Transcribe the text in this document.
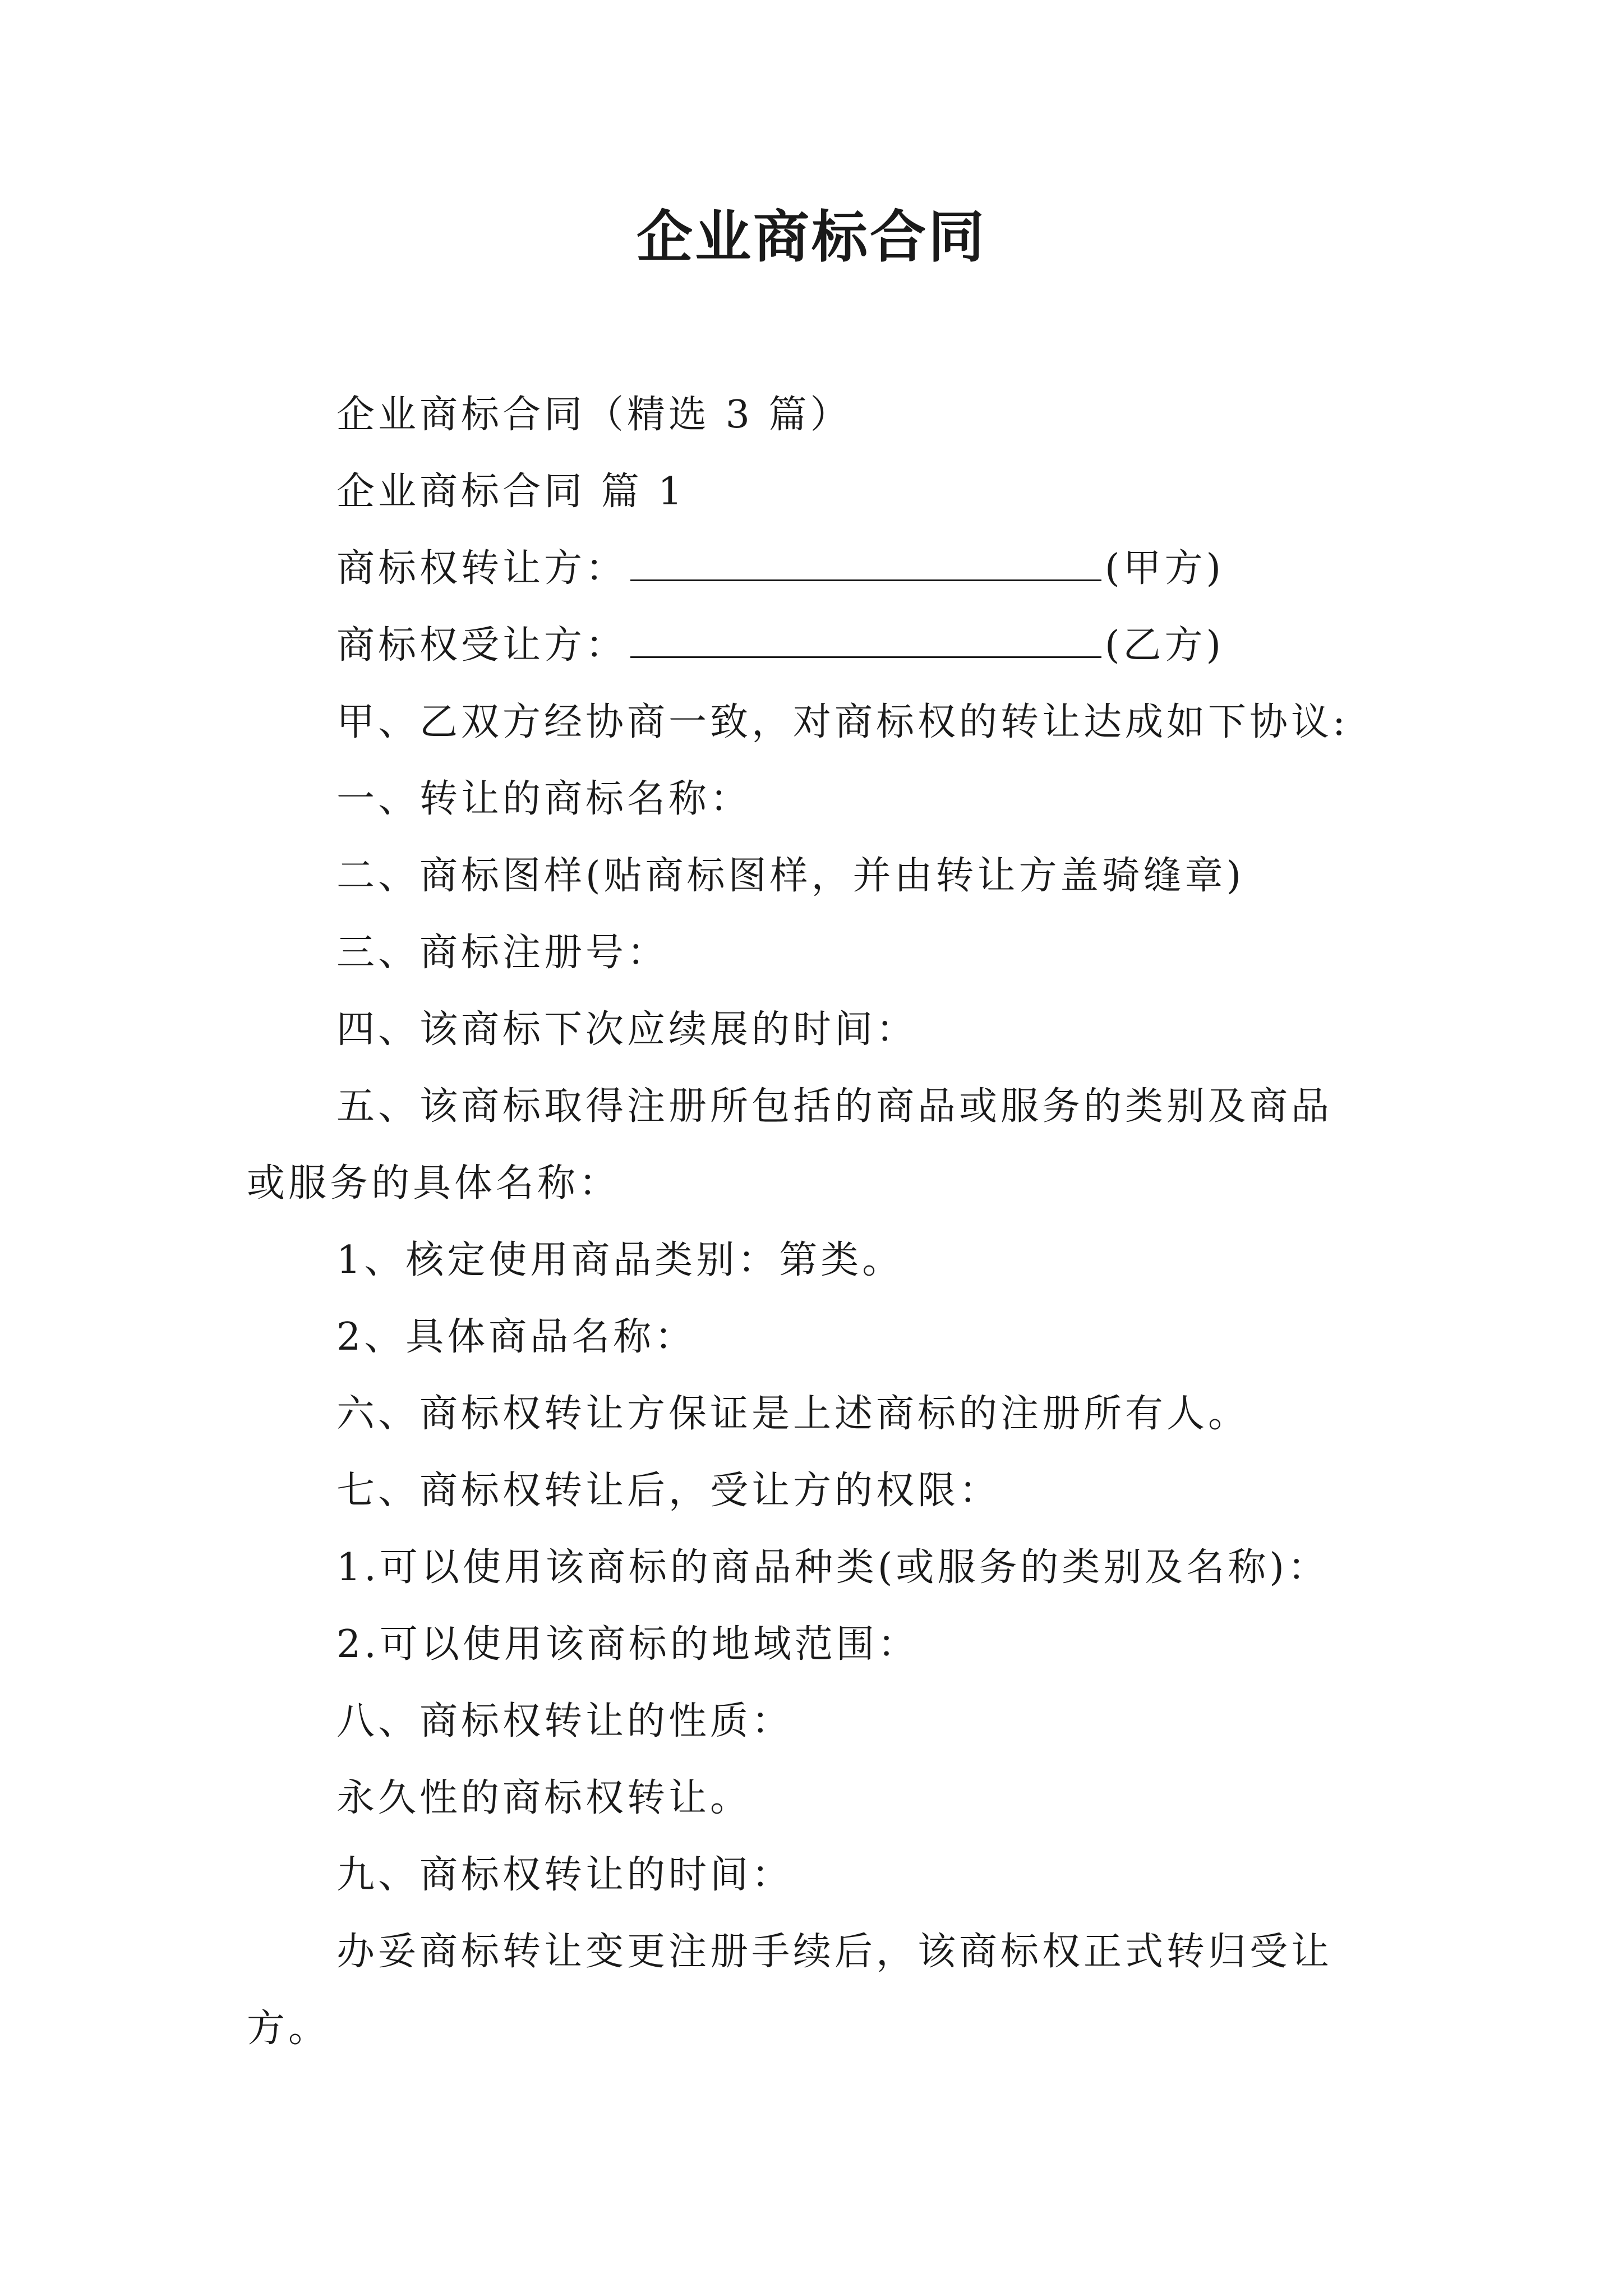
企业商标合同
企业商标合同（精选 3 篇）
企业商标合同 篇 1
商标权转让方：	(甲方)
商标权受让方：	(乙方)
甲、乙双方经协商一致，对商标权的转让达成如下协议:
一、转让的商标名称：
二、商标图样(贴商标图样，并由转让方盖骑缝章)
三、商标注册号：
四、该商标下次应续展的时间：
五、该商标取得注册所包括的商品或服务的类别及商品
或服务的具体名称：
1、核定使用商品类别：第类。
2、具体商品名称：
六、商标权转让方保证是上述商标的注册所有人。
七、商标权转让后，受让方的权限：
1.可以使用该商标的商品种类(或服务的类别及名称)：
2.可以使用该商标的地域范围：
八、商标权转让的性质：
永久性的商标权转让。
九、商标权转让的时间：
办妥商标转让变更注册手续后，该商标权正式转归受让
方。
